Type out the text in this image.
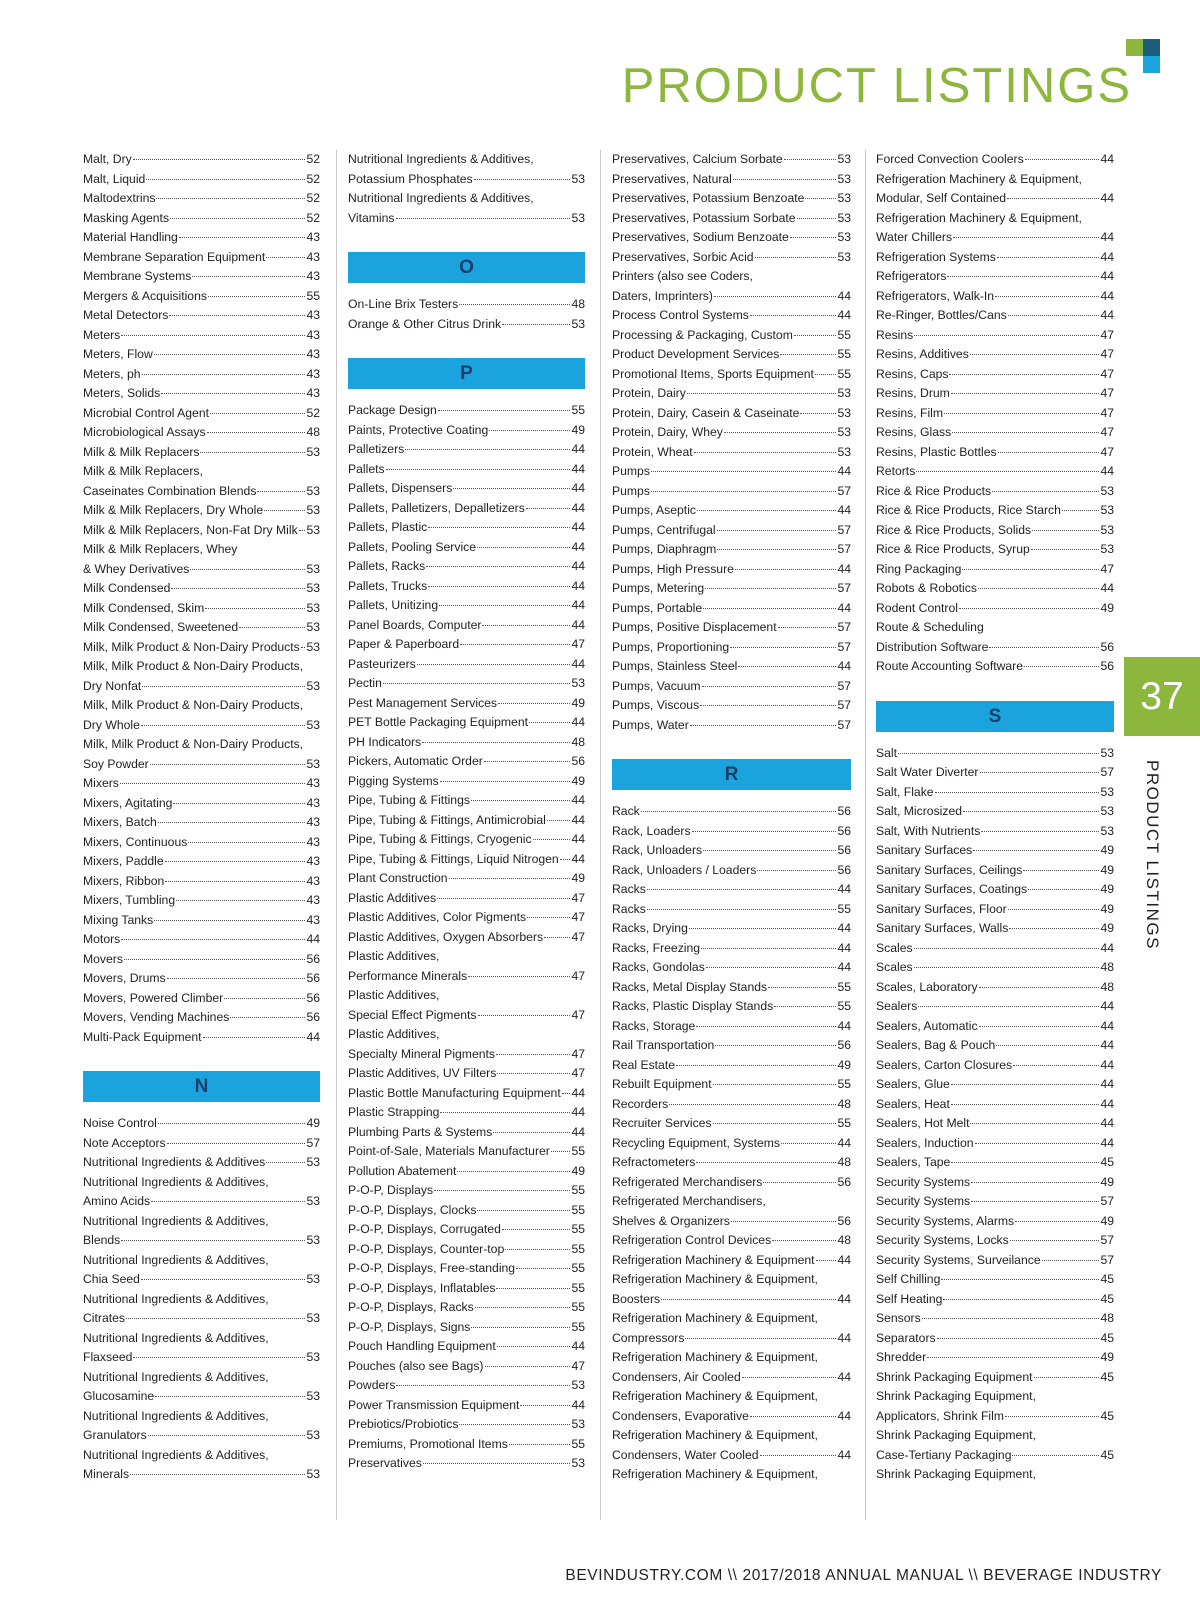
PRODUCT LISTINGS
Malt, Dry	52
Malt, Liquid	52
Maltodextrins	52
Masking Agents	52
Material Handling	43
Membrane Separation Equipment	43
Membrane Systems	43
Mergers & Acquisitions	55
Metal Detectors	43
Meters	43
Meters, Flow	43
Meters, ph	43
Meters, Solids	43
Microbial Control Agent	52
Microbiological Assays	48
Milk & Milk Replacers	53
Milk & Milk Replacers,
Caseinates Combination Blends	53
Milk & Milk Replacers, Dry Whole	53
Milk & Milk Replacers, Non-Fat Dry Milk 53
Milk & Milk Replacers, Whey
& Whey Derivatives	53
Milk Condensed	53
Milk Condensed, Skim	53
Milk Condensed, Sweetened	53
Milk, Milk Product & Non-Dairy Products 53
Milk, Milk Product & Non-Dairy Products,
Dry Nonfat	53
Milk, Milk Product & Non-Dairy Products,
Dry Whole	53
Milk, Milk Product & Non-Dairy Products,
Soy Powder	53
Mixers	43
Mixers, Agitating	43
Mixers, Batch	43
Mixers, Continuous	43
Mixers, Paddle	43
Mixers, Ribbon	43
Mixers, Tumbling	43
Mixing Tanks	43
Motors	44
Movers	56
Movers, Drums	56
Movers, Powered Climber	56
Movers, Vending Machines	56
Multi-Pack Equipment	44
N
Noise Control	49
Note Acceptors	57
Nutritional Ingredients & Additives	53
Nutritional Ingredients & Additives,
Amino Acids	53
Nutritional Ingredients & Additives,
Blends	53
Nutritional Ingredients & Additives,
Chia Seed	53
Nutritional Ingredients & Additives,
Citrates	53
Nutritional Ingredients & Additives,
Flaxseed	53
Nutritional Ingredients & Additives,
Glucosamine	53
Nutritional Ingredients & Additives,
Granulators	53
Nutritional Ingredients & Additives,
Minerals	53
Nutritional Ingredients & Additives,
Potassium Phosphates	53
Nutritional Ingredients & Additives,
Vitamins	53
O
On-Line Brix Testers	48
Orange & Other Citrus Drink	53
P
Package Design	55
Paints, Protective Coating	49
Palletizers	44
Pallets	44
Pallets, Dispensers	44
Pallets, Palletizers, Depalletizers	44
Pallets, Plastic	44
Pallets, Pooling Service	44
Pallets, Racks	44
Pallets, Trucks	44
Pallets, Unitizing	44
Panel Boards, Computer	44
Paper & Paperboard	47
Pasteurizers	44
Pectin	53
Pest Management Services	49
PET Bottle Packaging Equipment	44
PH Indicators	48
Pickers, Automatic Order	56
Pigging Systems	49
Pipe, Tubing & Fittings	44
Pipe, Tubing & Fittings, Antimicrobial 44
Pipe, Tubing & Fittings, Cryogenic	44
Pipe, Tubing & Fittings, Liquid Nitrogen 44
Plant Construction	49
Plastic Additives	47
Plastic Additives, Color Pigments	47
Plastic Additives, Oxygen Absorbers 47
Plastic Additives,
Performance Minerals	47
Plastic Additives,
Special Effect Pigments	47
Plastic Additives,
Specialty Mineral Pigments	47
Plastic Additives, UV Filters	47
Plastic Bottle Manufacturing Equipment 44
Plastic Strapping	44
Plumbing Parts & Systems	44
Point-of-Sale, Materials Manufacturer 55
Pollution Abatement	49
P-O-P, Displays	55
P-O-P, Displays, Clocks	55
P-O-P, Displays, Corrugated	55
P-O-P, Displays, Counter-top	55
P-O-P, Displays, Free-standing	55
P-O-P, Displays, Inflatables	55
P-O-P, Displays, Racks	55
P-O-P, Displays, Signs	55
Pouch Handling Equipment	44
Pouches (also see Bags)	47
Powders	53
Power Transmission Equipment	44
Prebiotics/Probiotics	53
Premiums, Promotional Items	55
Preservatives	53
Preservatives, Calcium Sorbate	53
Preservatives, Natural	53
Preservatives, Potassium Benzoate	53
Preservatives, Potassium Sorbate	53
Preservatives, Sodium Benzoate	53
Preservatives, Sorbic Acid	53
Printers (also see Coders,
Daters, Imprinters)	44
Process Control Systems	44
Processing & Packaging, Custom	55
Product Development Services	55
Promotional Items, Sports Equipment 55
Protein, Dairy	53
Protein, Dairy, Casein & Caseinate	53
Protein, Dairy, Whey	53
Protein, Wheat	53
Pumps	44
Pumps	57
Pumps, Aseptic	44
Pumps, Centrifugal	57
Pumps, Diaphragm	57
Pumps, High Pressure	44
Pumps, Metering	57
Pumps, Portable	44
Pumps, Positive Displacement	57
Pumps, Proportioning	57
Pumps, Stainless Steel	44
Pumps, Vacuum	57
Pumps, Viscous	57
Pumps, Water	57
R
Rack	56
Rack, Loaders	56
Rack, Unloaders	56
Rack, Unloaders / Loaders	56
Racks	44
Racks	55
Racks, Drying	44
Racks, Freezing	44
Racks, Gondolas	44
Racks, Metal Display Stands	55
Racks, Plastic Display Stands	55
Racks, Storage	44
Rail Transportation	56
Real Estate	49
Rebuilt Equipment	55
Recorders	48
Recruiter Services	55
Recycling Equipment, Systems	44
Refractometers	48
Refrigerated Merchandisers	56
Refrigerated Merchandisers,
Shelves & Organizers	56
Refrigeration Control Devices	48
Refrigeration Machinery & Equipment 44
Refrigeration Machinery & Equipment,
Boosters	44
Refrigeration Machinery & Equipment,
Compressors	44
Refrigeration Machinery & Equipment,
Condensers, Air Cooled	44
Refrigeration Machinery & Equipment,
Condensers, Evaporative	44
Refrigeration Machinery & Equipment,
Condensers, Water Cooled	44
Refrigeration Machinery & Equipment,
Forced Convection Coolers	44
Refrigeration Machinery & Equipment,
Modular, Self Contained	44
Refrigeration Machinery & Equipment,
Water Chillers	44
Refrigeration Systems	44
Refrigerators	44
Refrigerators, Walk-In	44
Re-Ringer, Bottles/Cans	44
Resins	47
Resins, Additives	47
Resins, Caps	47
Resins, Drum	47
Resins, Film	47
Resins, Glass	47
Resins, Plastic Bottles	47
Retorts	44
Rice & Rice Products	53
Rice & Rice Products, Rice Starch	53
Rice & Rice Products, Solids	53
Rice & Rice Products, Syrup	53
Ring Packaging	47
Robots & Robotics	44
Rodent Control	49
Route & Scheduling
Distribution Software	56
Route Accounting Software	56
S
Salt	53
Salt Water Diverter	57
Salt, Flake	53
Salt, Microsized	53
Salt, With Nutrients	53
Sanitary Surfaces	49
Sanitary Surfaces, Ceilings	49
Sanitary Surfaces, Coatings	49
Sanitary Surfaces, Floor	49
Sanitary Surfaces, Walls	49
Scales	44
Scales	48
Scales, Laboratory	48
Sealers	44
Sealers, Automatic	44
Sealers, Bag & Pouch	44
Sealers, Carton Closures	44
Sealers, Glue	44
Sealers, Heat	44
Sealers, Hot Melt	44
Sealers, Induction	44
Sealers, Tape	45
Security Systems	49
Security Systems	57
Security Systems, Alarms	49
Security Systems, Locks	57
Security Systems, Surveilance	57
Self Chilling	45
Self Heating	45
Sensors	48
Separators	45
Shredder	49
Shrink Packaging Equipment	45
Shrink Packaging Equipment,
Applicators, Shrink Film	45
Shrink Packaging Equipment,
Case-Tertiany Packaging	45
Shrink Packaging Equipment,
37
PRODUCT LISTINGS
BEVINDUSTRY.COM \\ 2017/2018 ANNUAL MANUAL \\ BEVERAGE INDUSTRY
